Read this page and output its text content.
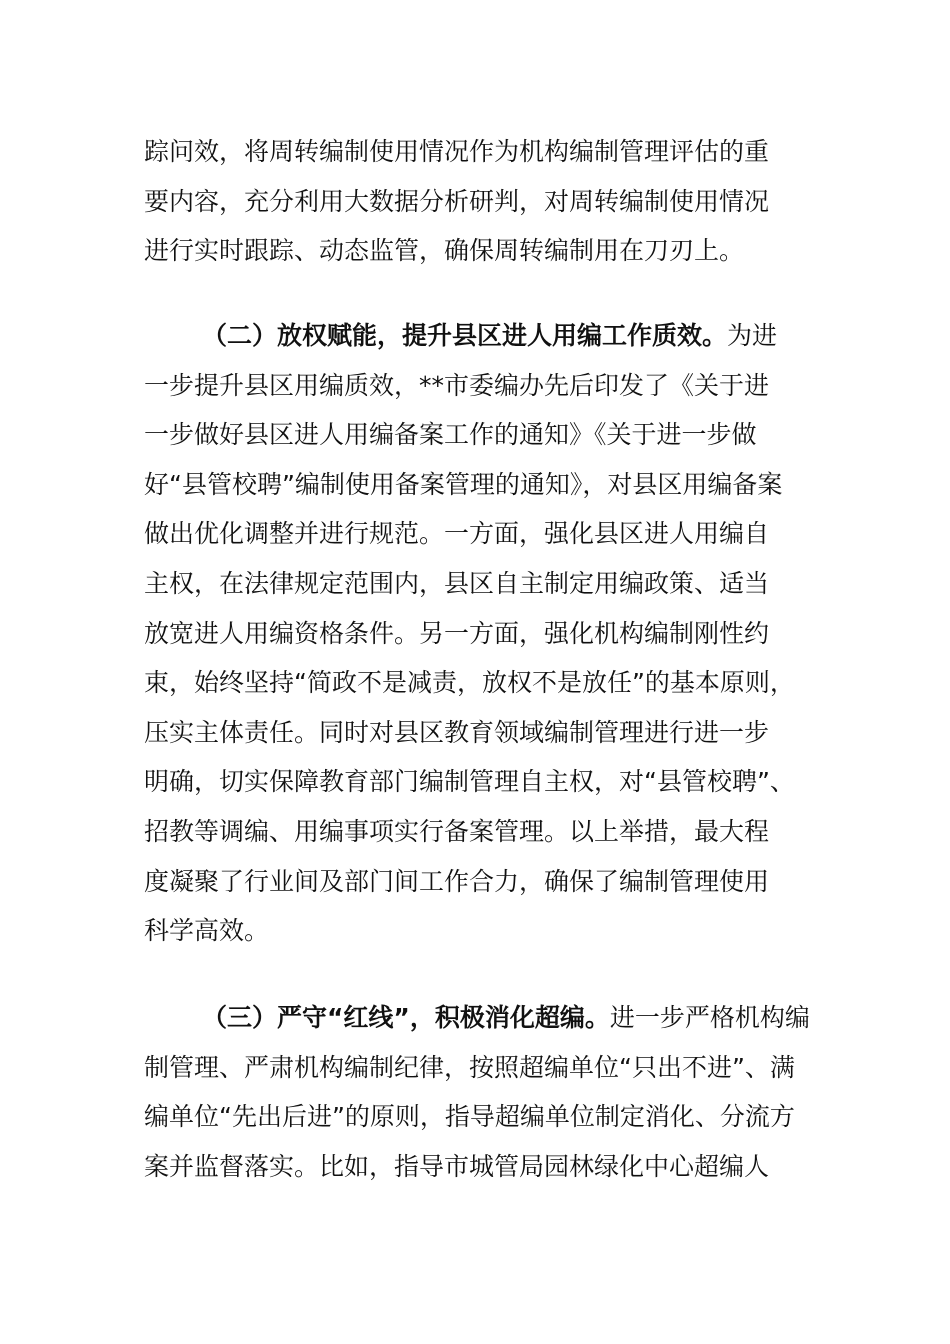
踪问效，将周转编制使用情况作为机构编制管理评估的重
要内容，充分利用大数据分析研判，对周转编制使用情况
进行实时跟踪、动态监管，确保周转编制用在刀刃上。
（二）放权赋能，提升县区进人用编工作质效。为进
一步提升县区用编质效，**市委编办先后印发了《关于进
一步做好县区进人用编备案工作的通知》《关于进一步做
好“县管校聘”编制使用备案管理的通知》，对县区用编备案
做出优化调整并进行规范。一方面，强化县区进人用编自
主权，在法律规定范围内，县区自主制定用编政策、适当
放宽进人用编资格条件。另一方面，强化机构编制刚性约
束，始终坚持“简政不是减责，放权不是放任”的基本原则，
压实主体责任。同时对县区教育领域编制管理进行进一步
明确，切实保障教育部门编制管理自主权，对“县管校聘”、
招教等调编、用编事项实行备案管理。以上举措，最大程
度凝聚了行业间及部门间工作合力，确保了编制管理使用
科学高效。
（三）严守“红线”，积极消化超编。进一步严格机构编
制管理、严肃机构编制纪律，按照超编单位“只出不进”、满
编单位“先出后进”的原则，指导超编单位制定消化、分流方
案并监督落实。比如，指导市城管局园林绿化中心超编人
